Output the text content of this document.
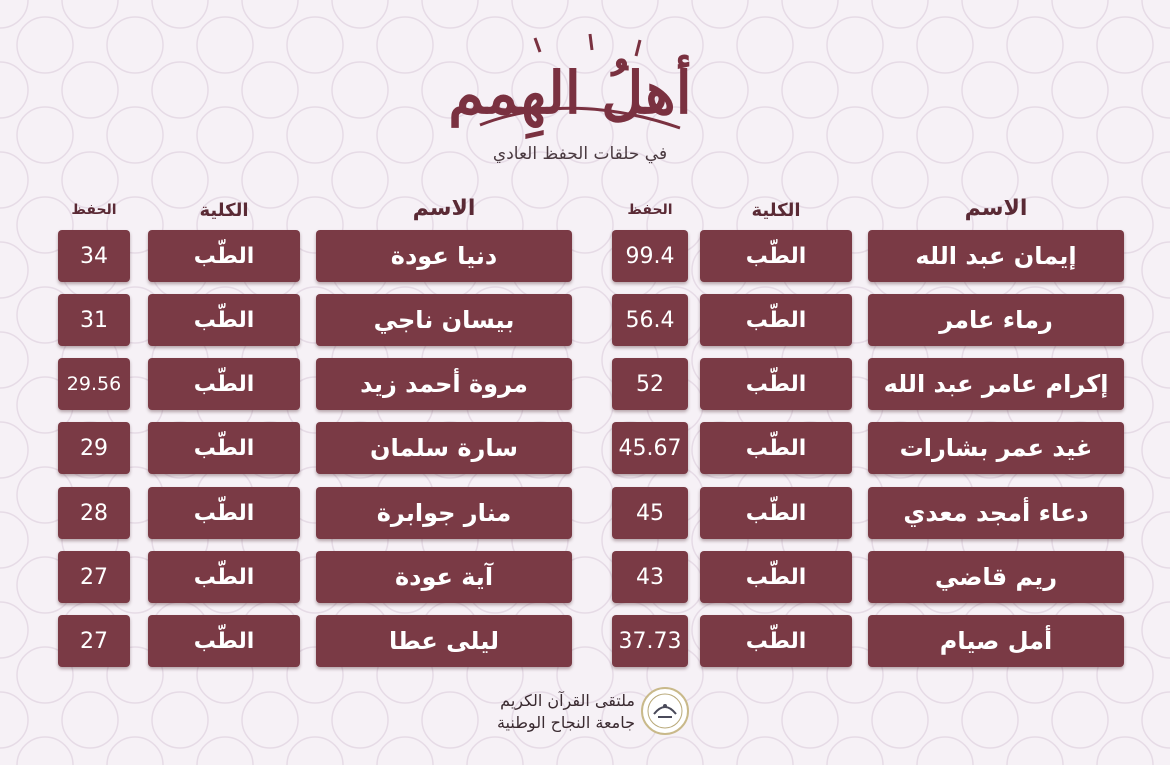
أهلُ الهِمم
في حلقات الحفظ العادي
الاسم
الكلية
الحفظ
الاسم
الكلية
الحفظ
إيمان عبد الله
الطّب
99.4
رماء عامر
الطّب
56.4
إكرام عامر عبد الله
الطّب
52
غيد عمر بشارات
الطّب
45.67
دعاء أمجد معدي
الطّب
45
ريم قاضي
الطّب
43
أمل صيام
الطّب
37.73
دنيا عودة
الطّب
34
بيسان ناجي
الطّب
31
مروة أحمد زيد
الطّب
29.56
سارة سلمان
الطّب
29
منار جوابرة
الطّب
28
آية عودة
الطّب
27
ليلى عطا
الطّب
27
ملتقى القرآن الكريم
جامعة النجاح الوطنية
